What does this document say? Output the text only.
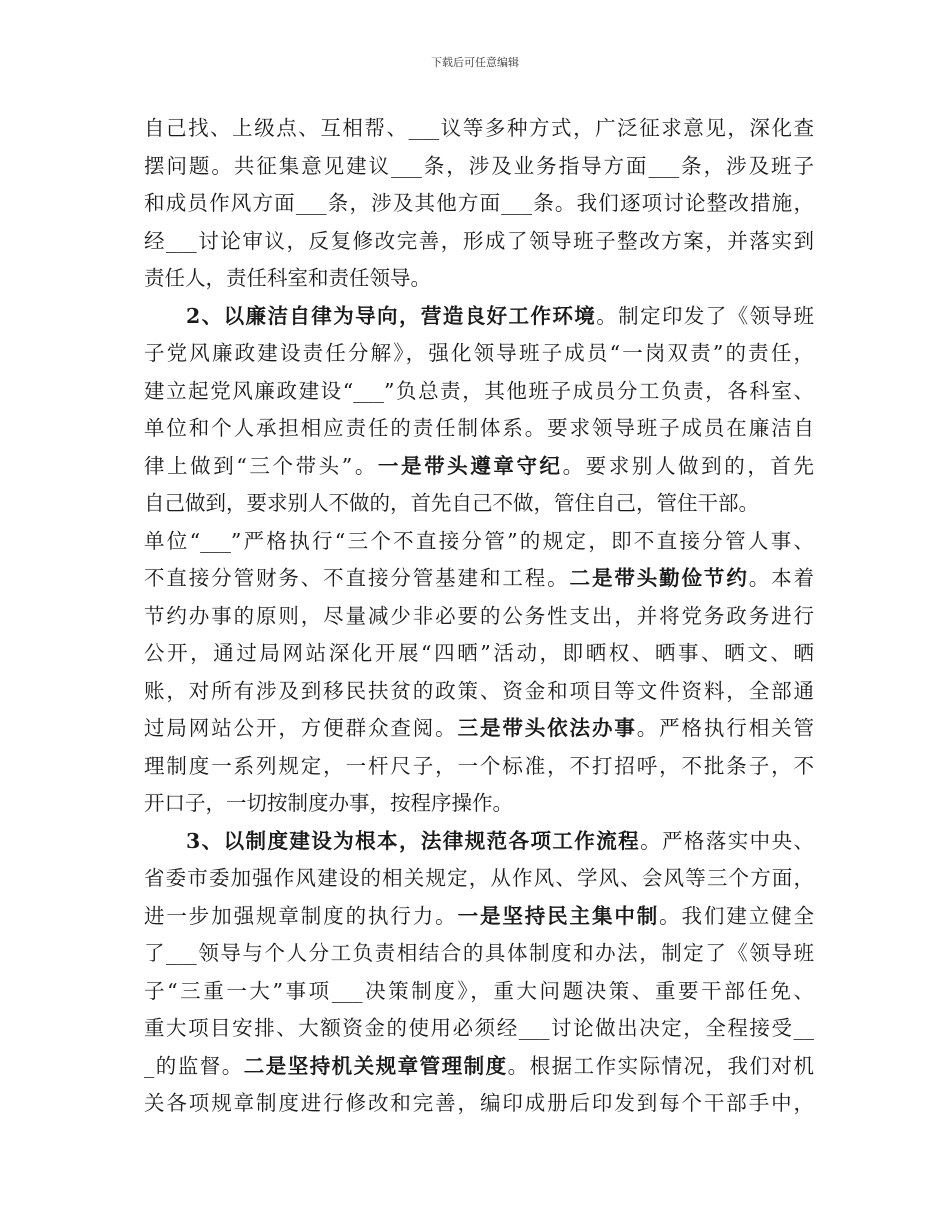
下载后可任意编辑
自己找、上级点、互相帮、___议等多种方式，广泛征求意见，深化查
摆问题。共征集意见建议___条，涉及业务指导方面___条，涉及班子
和成员作风方面___条，涉及其他方面___条。我们逐项讨论整改措施，
经___讨论审议，反复修改完善，形成了领导班子整改方案，并落实到
责任人，责任科室和责任领导。
2、以廉洁自律为导向，营造良好工作环境。制定印发了《领导班
子党风廉政建设责任分解》，强化领导班子成员“一岗双责”的责任，
建立起党风廉政建设“___”负总责，其他班子成员分工负责，各科室、
单位和个人承担相应责任的责任制体系。要求领导班子成员在廉洁自
律上做到“三个带头”。一是带头遵章守纪。要求别人做到的，首先
自己做到，要求别人不做的，首先自己不做，管住自己，管住干部。
单位“___”严格执行“三个不直接分管”的规定，即不直接分管人事、
不直接分管财务、不直接分管基建和工程。二是带头勤俭节约。本着
节约办事的原则，尽量减少非必要的公务性支出，并将党务政务进行
公开，通过局网站深化开展“四晒”活动，即晒权、晒事、晒文、晒
账，对所有涉及到移民扶贫的政策、资金和项目等文件资料，全部通
过局网站公开，方便群众查阅。三是带头依法办事。严格执行相关管
理制度一系列规定，一杆尺子，一个标准，不打招呼，不批条子，不
开口子，一切按制度办事，按程序操作。
3、以制度建设为根本，法律规范各项工作流程。严格落实中央、
省委市委加强作风建设的相关规定，从作风、学风、会风等三个方面，
进一步加强规章制度的执行力。一是坚持民主集中制。我们建立健全
了___领导与个人分工负责相结合的具体制度和办法，制定了《领导班
子“三重一大”事项___决策制度》，重大问题决策、重要干部任免、
重大项目安排、大额资金的使用必须经___讨论做出决定，全程接受__
_的监督。二是坚持机关规章管理制度。根据工作实际情况，我们对机
关各项规章制度进行修改和完善，编印成册后印发到每个干部手中，
